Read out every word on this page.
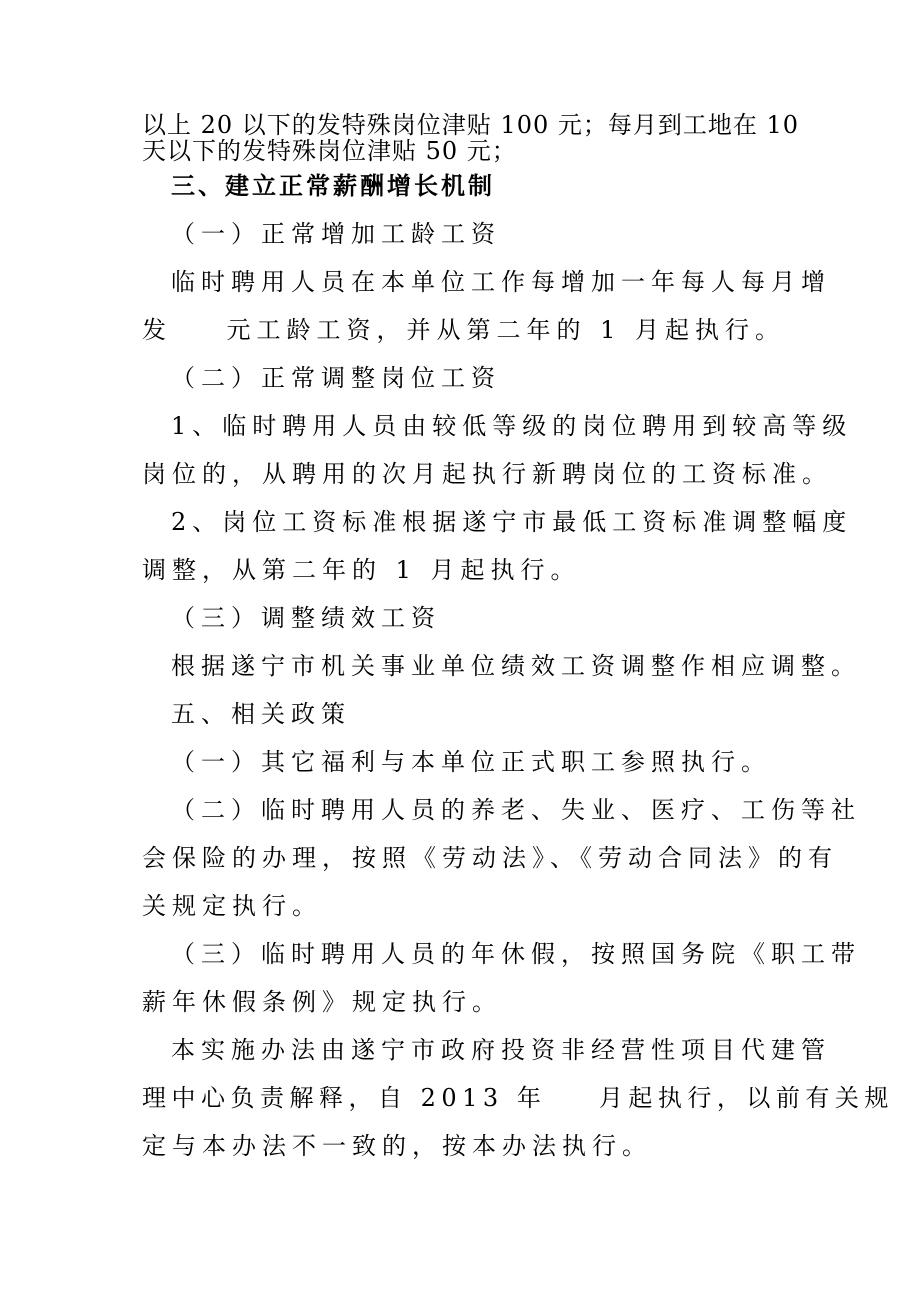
以上 20 以下的发特殊岗位津贴 100 元；每月到工地在 10
天以下的发特殊岗位津贴 50 元；
三、建立正常薪酬增长机制
（一）正常增加工龄工资
临时聘用人员在本单位工作每增加一年每人每月增
发    元工龄工资，并从第二年的 1 月起执行。
（二）正常调整岗位工资
1、临时聘用人员由较低等级的岗位聘用到较高等级
岗位的，从聘用的次月起执行新聘岗位的工资标准。
2、岗位工资标准根据遂宁市最低工资标准调整幅度
调整，从第二年的 1 月起执行。
（三）调整绩效工资
根据遂宁市机关事业单位绩效工资调整作相应调整。
五、相关政策
（一）其它福利与本单位正式职工参照执行。
（二）临时聘用人员的养老、失业、医疗、工伤等社
会保险的办理，按照《劳动法》、《劳动合同法》的有
关规定执行。
（三）临时聘用人员的年休假，按照国务院《职工带
薪年休假条例》规定执行。
本实施办法由遂宁市政府投资非经营性项目代建管
理中心负责解释，自 2013 年    月起执行，以前有关规
定与本办法不一致的，按本办法执行。
